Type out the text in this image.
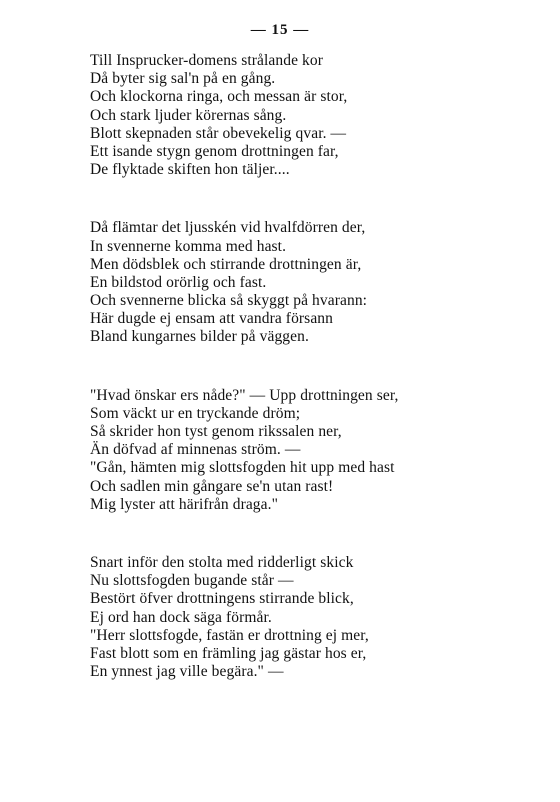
— 15 —
Till Insprucker-domens strålande kor
Då byter sig sal'n på en gång.
Och klockorna ringa, och messan är stor,
Och stark ljuder körernas sång.
Blott skepnaden står obevekelig qvar. —
Ett isande stygn genom drottningen far,
De flyktade skiften hon täljer....
Då flämtar det ljusskén vid hvalfdörren der,
In svennerne komma med hast.
Men dödsblek och stirrande drottningen är,
En bildstod orörlig och fast.
Och svennerne blicka så skyggt på hvarann:
Här dugde ej ensam att vandra försann
Bland kungarnes bilder på väggen.
"Hvad önskar ers nåde?" — Upp drottningen ser,
Som väckt ur en tryckande dröm;
Så skrider hon tyst genom rikssalen ner,
Än döfvad af minnenas ström. —
"Gån, hämten mig slottsfogden hit upp med hast
Och sadlen min gångare se'n utan rast!
Mig lyster att härifrån draga."
Snart inför den stolta med ridderligt skick
Nu slottsfogden bugande står —
Bestört öfver drottningens stirrande blick,
Ej ord han dock säga förmår.
"Herr slottsfogde, fastän er drottning ej mer,
Fast blott som en främling jag gästar hos er,
En ynnest jag ville begära." —
